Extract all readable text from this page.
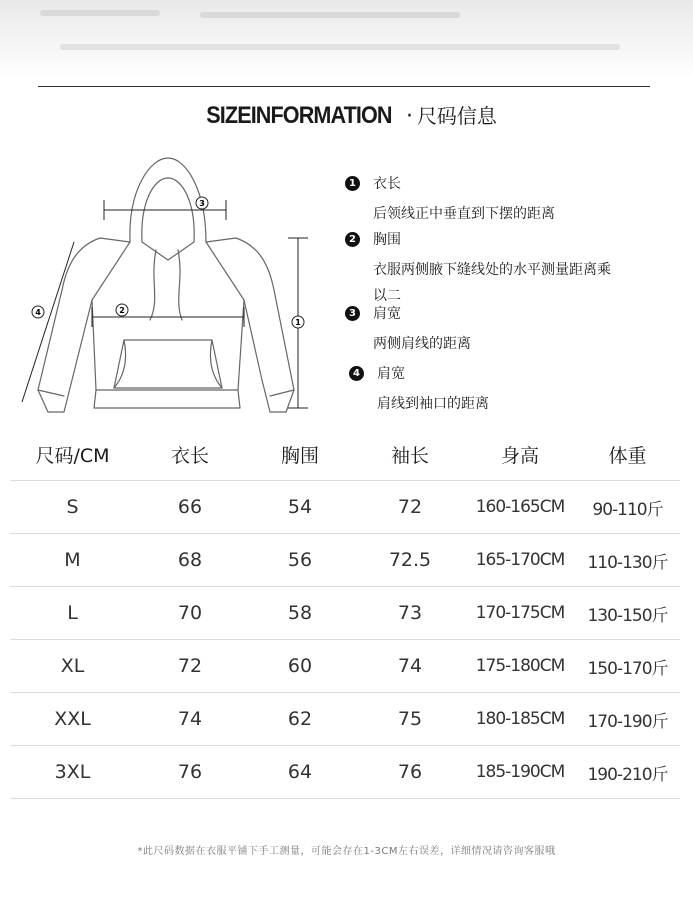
SIZEINFORMATION · 尺码信息
3
2
1
4
1 衣长
后领线正中垂直到下摆的距离
2 胸围
衣服两侧腋下缝线处的水平测量距离乘以二
3 肩宽
两侧肩线的距离
4 肩宽
肩线到袖口的距离
尺码/CM	衣长	胸围	袖长	身高	体重
S	66	54	72	160-165CM	90-110斤
M	68	56	72.5	165-170CM	110-130斤
L	70	58	73	170-175CM	130-150斤
XL	72	60	74	175-180CM	150-170斤
XXL	74	62	75	180-185CM	170-190斤
3XL	76	64	76	185-190CM	190-210斤
*此尺码数据在衣服平铺下手工测量，可能会存在1-3CM左右误差，详细情况请咨询客服哦
